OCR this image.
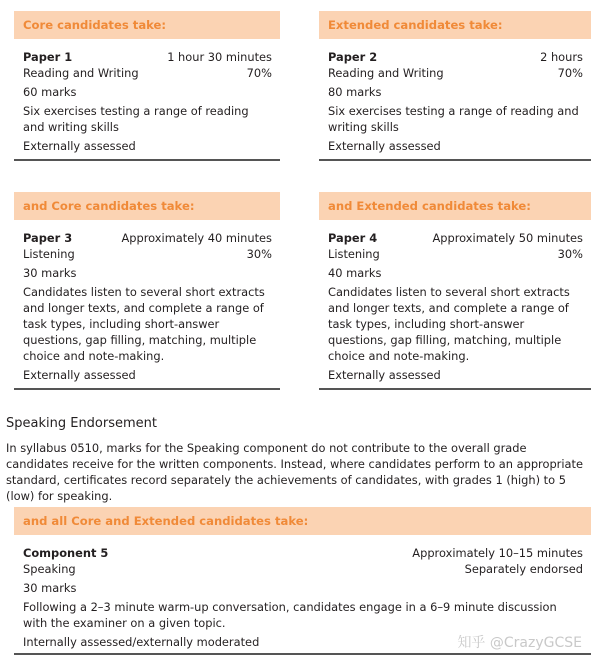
Core candidates take:
Paper 1	1 hour 30 minutes
Reading and Writing	70%
60 marks
Six exercises testing a range of reading and writing skills
Externally assessed
Extended candidates take:
Paper 2	2 hours
Reading and Writing	70%
80 marks
Six exercises testing a range of reading and writing skills
Externally assessed
and Core candidates take:
Paper 3	Approximately 40 minutes
Listening	30%
30 marks
Candidates listen to several short extracts and longer texts, and complete a range of task types, including short-answer questions, gap filling, matching, multiple choice and note-making.
Externally assessed
and Extended candidates take:
Paper 4	Approximately 50 minutes
Listening	30%
40 marks
Candidates listen to several short extracts and longer texts, and complete a range of task types, including short-answer questions, gap filling, matching, multiple choice and note-making.
Externally assessed
Speaking Endorsement
In syllabus 0510, marks for the Speaking component do not contribute to the overall grade candidates receive for the written components. Instead, where candidates perform to an appropriate standard, certificates record separately the achievements of candidates, with grades 1 (high) to 5 (low) for speaking.
and all Core and Extended candidates take:
Component 5	Approximately 10–15 minutes
Speaking	Separately endorsed
30 marks
Following a 2–3 minute warm-up conversation, candidates engage in a 6–9 minute discussion with the examiner on a given topic.
Internally assessed/externally moderated	知乎 @CrazyGCSE
